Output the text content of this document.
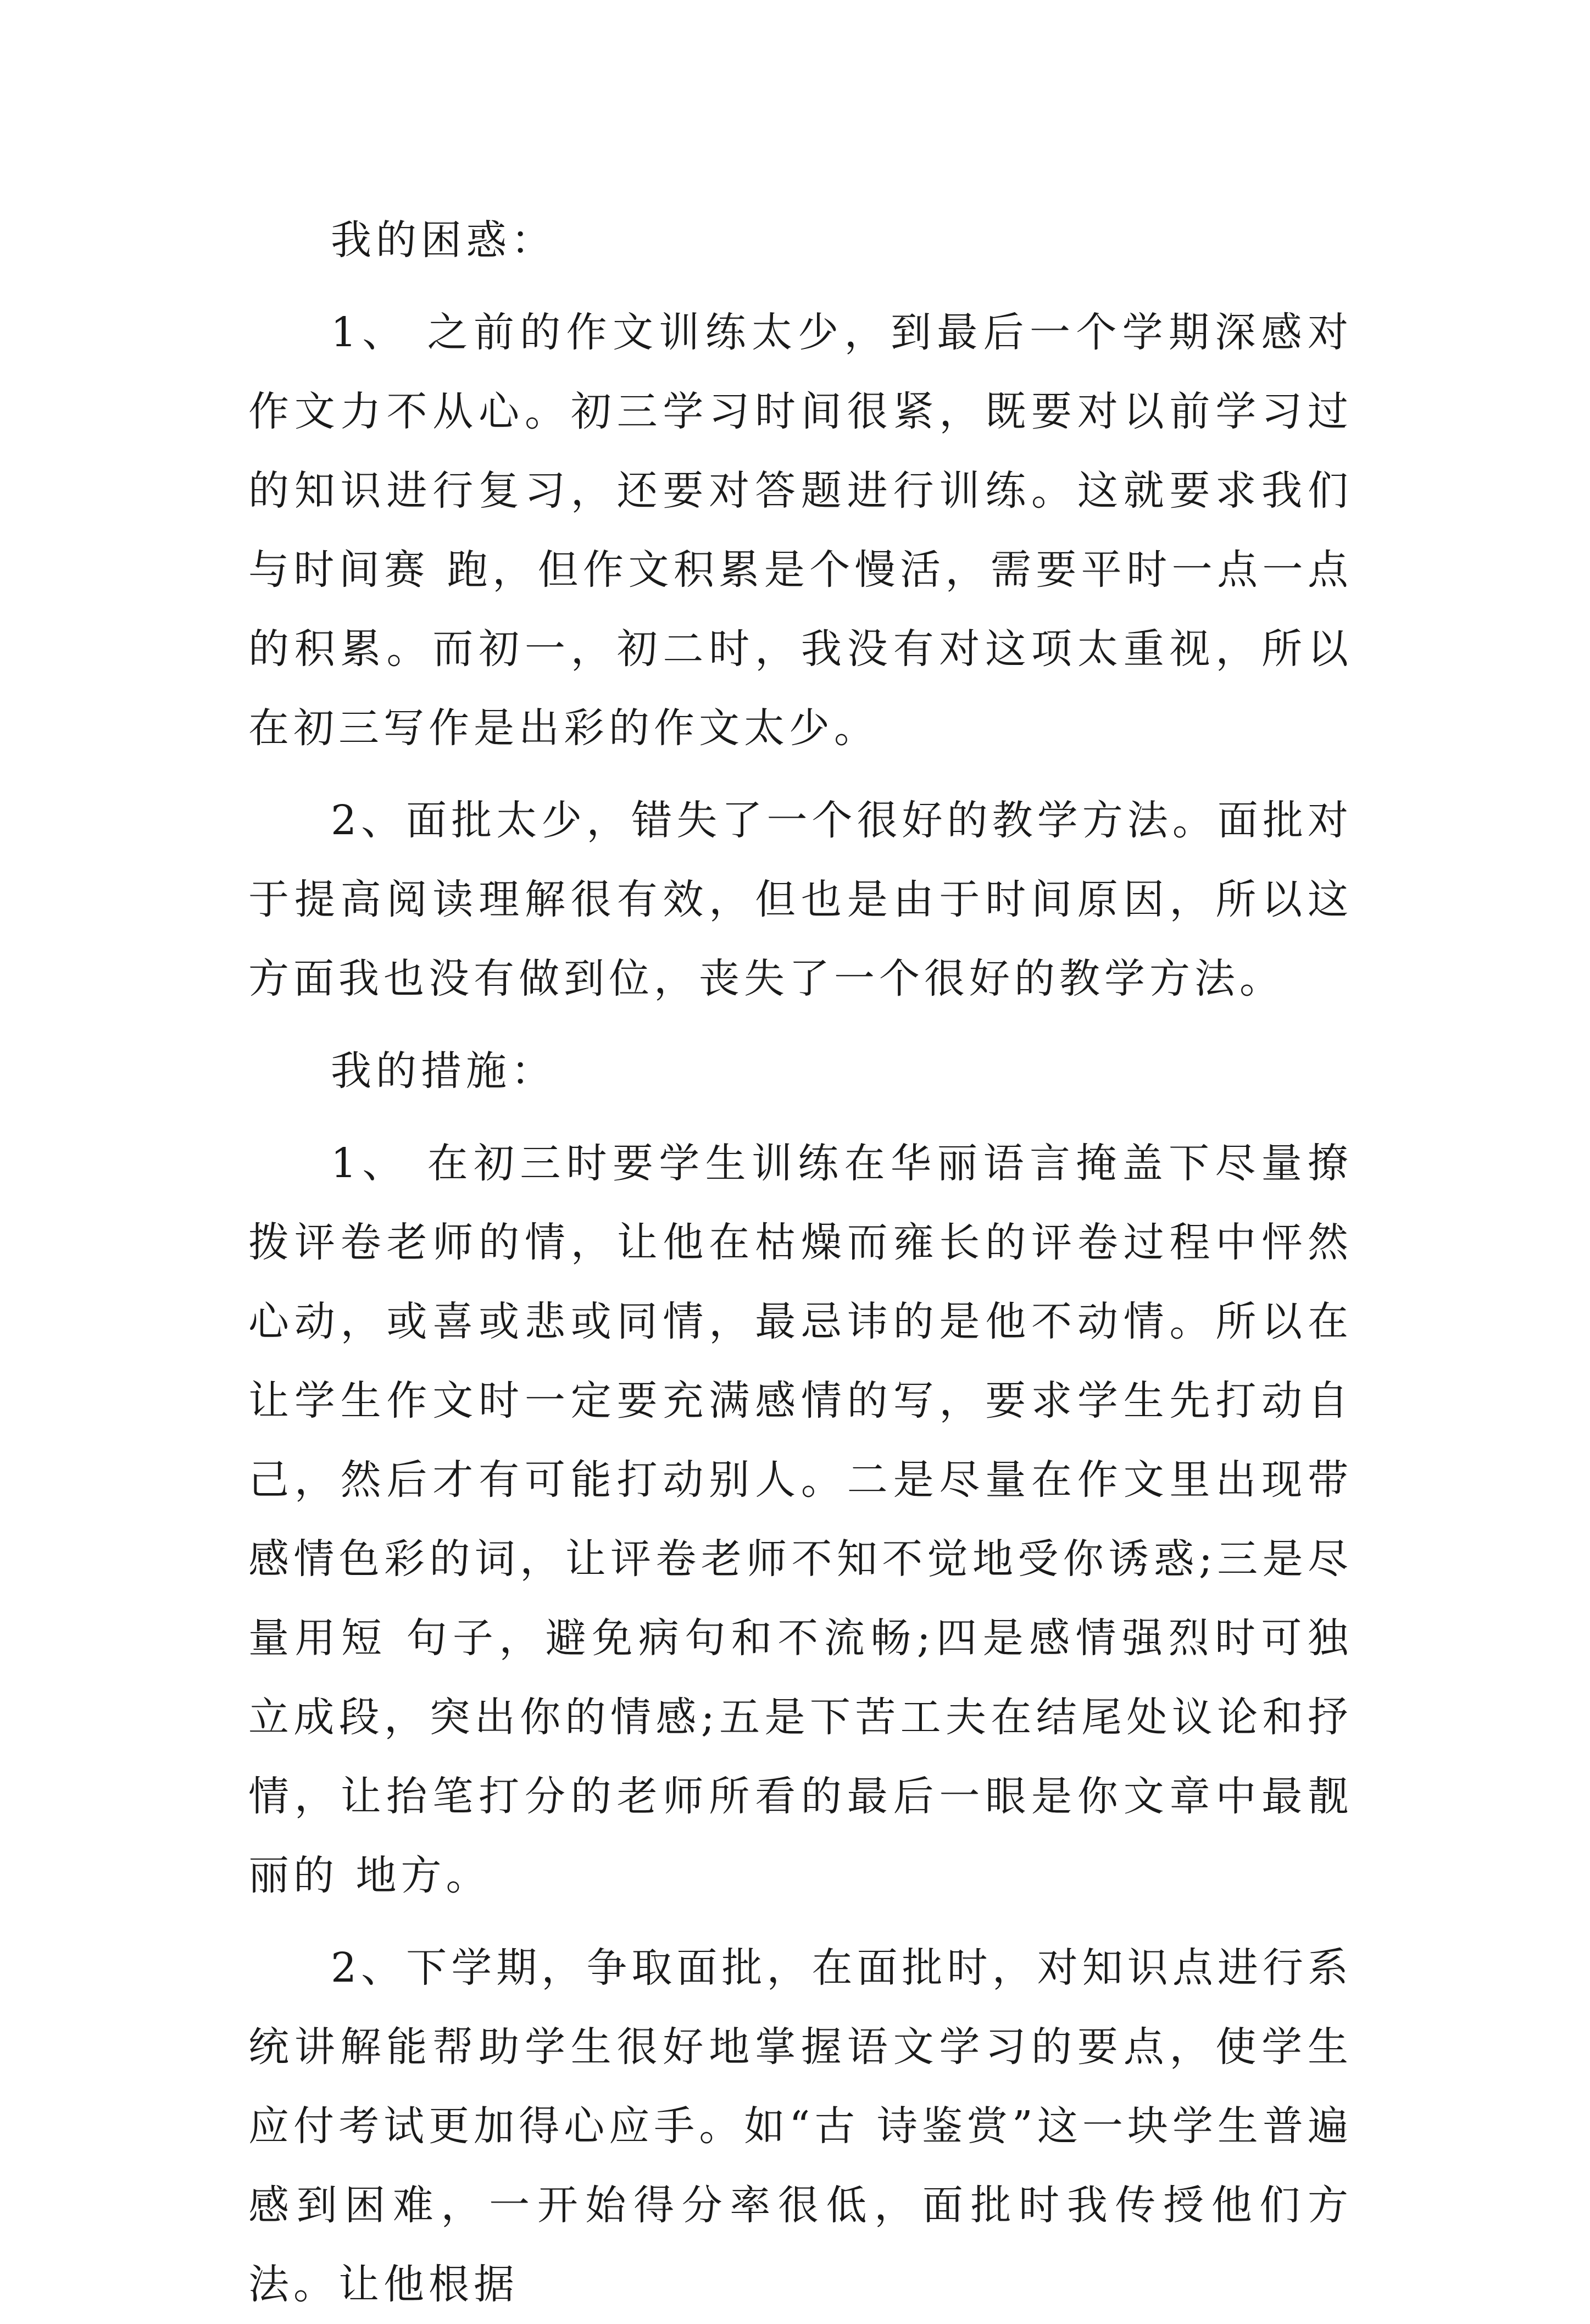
我的困惑：

1、 之前的作文训练太少，到最后一个学期深感对作文力不从心。初三学习时间很紧，既要对以前学习过的知识进行复习，还要对答题进行训练。这就要求我们与时间赛 跑，但作文积累是个慢活，需要平时一点一点的积累。而初一，初二时，我没有对这项太重视，所以在初三写作是出彩的作文太少。

2、面批太少，错失了一个很好的教学方法。面批对于提高阅读理解很有效，但也是由于时间原因，所以这方面我也没有做到位，丧失了一个很好的教学方法。

我的措施：

1、 在初三时要学生训练在华丽语言掩盖下尽量撩拨评卷老师的情，让他在枯燥而雍长的评卷过程中怦然心动，或喜或悲或同情，最忌讳的是他不动情。所以在让学生作文时一定要充满感情的写，要求学生先打动自己，然后才有可能打动别人。二是尽量在作文里出现带感情色彩的词，让评卷老师不知不觉地受你诱惑;三是尽量用短 句子，避免病句和不流畅;四是感情强烈时可独立成段，突出你的情感;五是下苦工夫在结尾处议论和抒情，让抬笔打分的老师所看的最后一眼是你文章中最靓丽的 地方。

2、下学期，争取面批，在面批时，对知识点进行系统讲解能帮助学生很好地掌握语文学习的要点，使学生应付考试更加得心应手。如“古 诗鉴赏”这一块学生普遍感到困难，一开始得分率很低，面批时我传授他们方法。让他根据
